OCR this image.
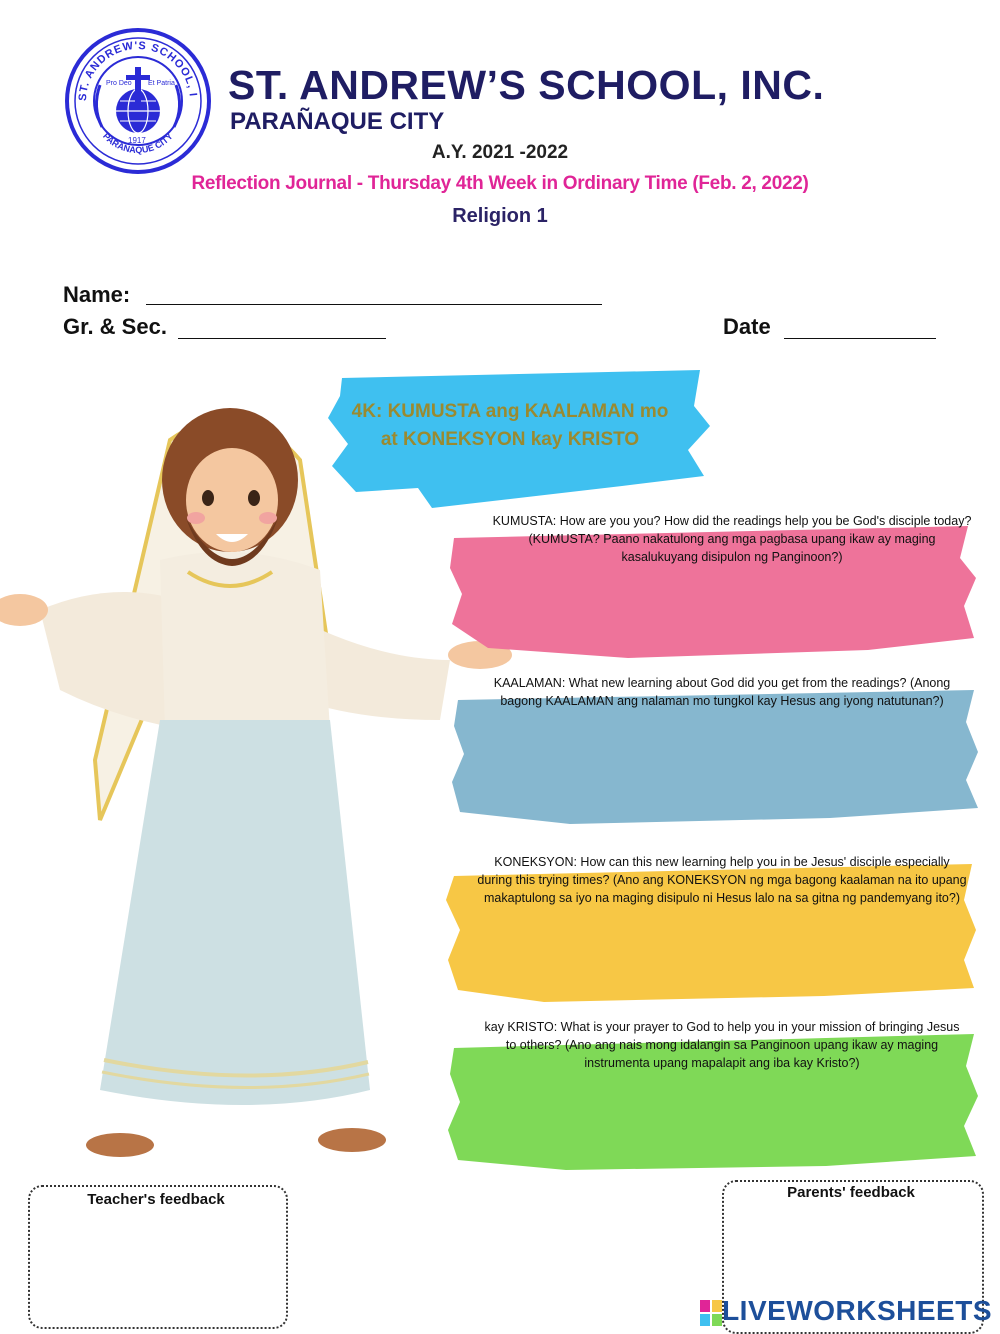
ST. ANDREW'S SCHOOL, I
PARAÑAQUE CITY
Pro Deo Et Patria
1917
ST. ANDREW’S SCHOOL, INC.
PARAÑAQUE CITY
A.Y. 2021 -2022
Reflection Journal - Thursday 4th Week in Ordinary Time (Feb. 2, 2022)
Religion 1
Name:
Gr. & Sec.	Date
4K: KUMUSTA ang KAALAMAN mo
at KONEKSYON kay KRISTO
KUMUSTA: How are you you? How did the readings help you be God's disciple today? (KUMUSTA? Paano nakatulong ang mga pagbasa upang ikaw ay maging kasalukuyang disipulon ng Panginoon?)
KAALAMAN: What new learning about God did you get from the readings? (Anong bagong KAALAMAN ang nalaman mo tungkol kay Hesus ang iyong natutunan?)
KONEKSYON: How can this new learning help you in be Jesus' disciple especially during this trying times? (Ano ang KONEKSYON ng mga bagong kaalaman na ito upang makaptulong sa iyo na maging disipulo ni Hesus lalo na sa gitna ng pandemyang ito?)
kay KRISTO: What is your prayer to God to help you in your mission of bringing Jesus to others? (Ano ang nais mong idalangin sa Panginoon upang ikaw ay maging instrumenta upang mapalapit ang iba kay Kristo?)
Teacher's feedback	Parents' feedback
LIVEWORKSHEETS
